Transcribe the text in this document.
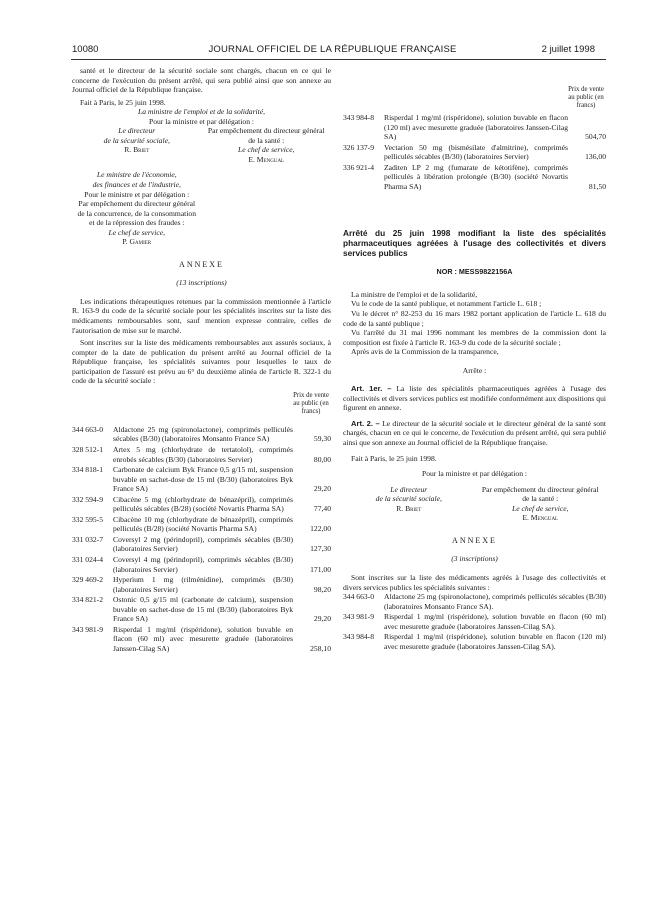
10080	JOURNAL OFFICIEL DE LA RÉPUBLIQUE FRANÇAISE	2 juillet 1998

santé et le directeur de la sécurité sociale sont chargés, chacun en ce qui le concerne de l'exécution du présent arrêté, qui sera publié ainsi que son annexe au Journal officiel de la République française.

Fait à Paris, le 25 juin 1998.

La ministre de l'emploi et de la solidarité,

Pour la ministre et par délégation :

Le directeur

de la sécurité sociale,

R. Briet

Par empêchement du directeur général

de la santé :

Le chef de service,

E. Mengual

Le ministre de l'économie,

des finances et de l'industrie,

Pour le ministre et par délégation :

Par empêchement du directeur général

de la concurrence, de la consommation

et de la répression des fraudes :

Le chef de service,

P. Gamier

ANNEXE

(13 inscriptions)

Les indications thérapeutiques retenues par la commission mentionnée à l'article R. 163-9 du code de la sécurité sociale pour les spécialités inscrites sur la liste des médicaments remboursables sont, sauf mention expresse contraire, celles de l'autorisation de mise sur le marché.

Sont inscrites sur la liste des médicaments remboursables aux assurés sociaux, à compter de la date de publication du présent arrêté au Journal officiel de la République française, les spécialités suivantes pour lesquelles le taux de participation de l'assuré est prévu au 6° du deuxième alinéa de l'article R. 322-1 du code de la sécurité sociale :

Prix de vente au public (en francs)
344 663-0	Aldactone 25 mg (spironolactone), comprimés pelliculés sécables (B/30) (laboratoires Monsanto France SA)	59,30
328 512-1	Artex 5 mg (chlorhydrate de tertatolol), comprimés enrobés sécables (B/30) (laboratoires Servier)	80,00
334 818-1	Carbonate de calcium Byk France 0,5 g/15 ml, suspension buvable en sachet-dose de 15 ml (B/30) (laboratoires Byk France SA)	29,20
332 594-9	Cibacène 5 mg (chlorhydrate de bénazépril), comprimés pelliculés sécables (B/28) (société Novartis Pharma SA)	77,40
332 595-5	Cibacène 10 mg (chlorhydrate de bénazépril), comprimés pelliculés (B/28) (société Novartis Pharma SA)	122,00
331 032-7	Coversyl 2 mg (périndopril), comprimés sécables (B/30) (laboratoires Servier)	127,30
331 024-4	Coversyl 4 mg (périndopril), comprimés sécables (B/30) (laboratoires Servier)	171,00
329 469-2	Hyperium 1 mg (rilménidine), comprimés (B/30) (laboratoires Servier)	98,20
334 821-2	Ostonic 0,5 g/15 ml (carbonate de calcium), suspension buvable en sachet-dose de 15 ml (B/30) (laboratoires Byk France SA)	29,20
343 981-9	Risperdal 1 mg/ml (rispéridone), solution buvable en flacon (60 ml) avec mesurette graduée (laboratoires Janssen-Cilag SA)	258,10
Prix de vente au public (en francs)
343 984-8	Risperdal 1 mg/ml (rispéridone), solution buvable en flacon (120 ml) avec mesurette graduée (laboratoires Janssen-Cilag SA)	504,70
326 137-9	Vectarion 50 mg (bismésilate d'almitrine), comprimés pelliculés sécables (B/30) (laboratoires Servier)	136,00
336 921-4	Zaditen LP 2 mg (fumarate de kétotifène), comprimés pelliculés à libération prolongée (B/30) (société Novartis Pharma SA)	81,50

Arrêté du 25 juin 1998 modifiant la liste des spécialités pharmaceutiques agréées à l'usage des collectivités et divers services publics

NOR : MESS9822156A

La ministre de l'emploi et de la solidarité,

Vu le code de la santé publique, et notamment l'article L. 618 ;

Vu le décret n° 82-253 du 16 mars 1982 portant application de l'article L. 618 du code de la santé publique ;

Vu l'arrêté du 31 mai 1996 nommant les membres de la commission dont la composition est fixée à l'article R. 163-9 du code de la sécurité sociale ;

Après avis de la Commission de la transparence,

Arrête :

Art. 1er. – La liste des spécialités pharmaceutiques agréées à l'usage des collectivités et divers services publics est modifiée conformément aux dispositions qui figurent en annexe.

Art. 2. – Le directeur de la sécurité sociale et le directeur général de la santé sont chargés, chacun en ce qui le concerne, de l'exécution du présent arrêté, qui sera publié ainsi que son annexe au Journal officiel de la République française.

Fait à Paris, le 25 juin 1998.

Pour la ministre et par délégation :

Le directeur

de la sécurité sociale,

R. Briet

Par empêchement du directeur général

de la santé :

Le chef de service,

E. Mengual

ANNEXE

(3 inscriptions)

Sont inscrites sur la liste des médicaments agréés à l'usage des collectivités et divers services publics les spécialités suivantes :

344 663-0	Aldactone 25 mg (spironolactone), comprimés pelliculés sécables (B/30) (laboratoires Monsanto France SA).
343 981-9	Risperdal 1 mg/ml (rispéridone), solution buvable en flacon (60 ml) avec mesurette graduée (laboratoires Janssen-Cilag SA).
343 984-8	Risperdal 1 mg/ml (rispéridone), solution buvable en flacon (120 ml) avec mesurette graduée (laboratoires Janssen-Cilag SA).
